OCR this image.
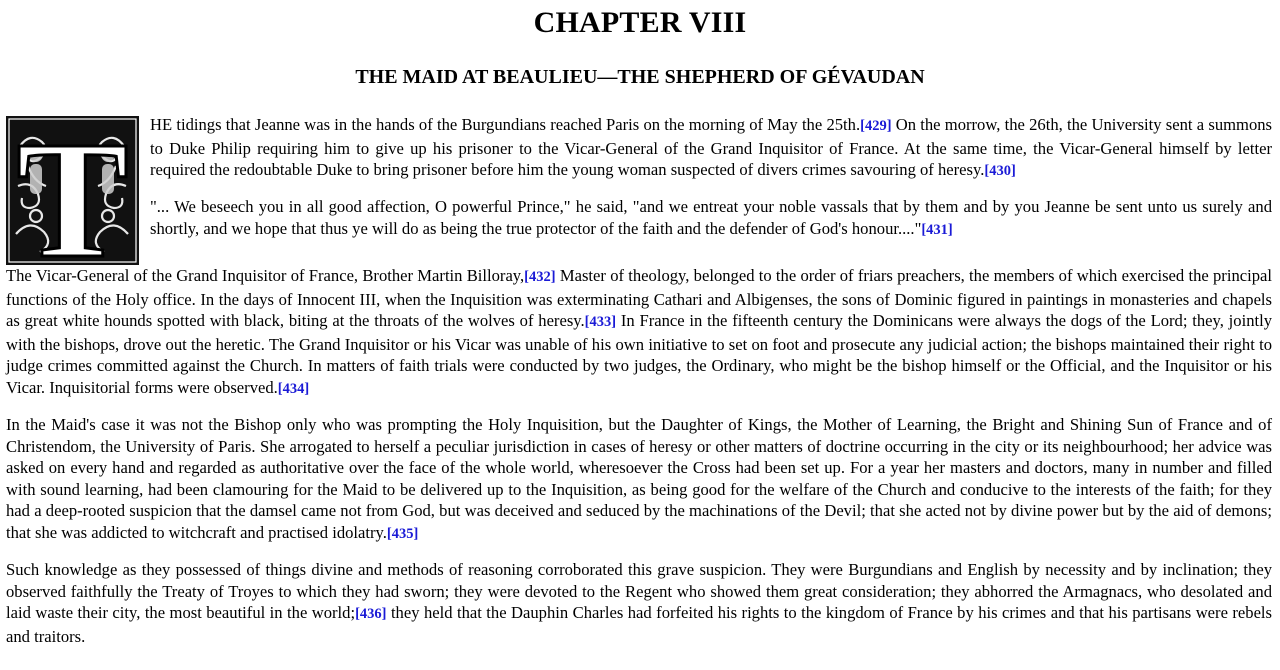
CHAPTER VIII
THE MAID AT BEAULIEU—THE SHEPHERD OF GÉVAUDAN
T	HE tidings that Jeanne was in the hands of the Burgundians reached Paris on the morning of May the 25th.[429] On the morrow, the 26th, the University sent a summons to Duke Philip requiring him to give up his prisoner to the Vicar-General of the Grand Inquisitor of France. At the same time, the Vicar-General himself by letter required the redoubtable Duke to bring prisoner before him the young woman suspected of divers crimes savouring of heresy.[430]

"... We beseech you in all good affection, O powerful Prince," he said, "and we entreat your noble vassals that by them and by you Jeanne be sent unto us surely and shortly, and we hope that thus ye will do as being the true protector of the faith and the defender of God's honour...."[431]

The Vicar-General of the Grand Inquisitor of France, Brother Martin Billoray,[432] Master of theology, belonged to the order of friars preachers, the members of which exercised the principal functions of the Holy office. In the days of Innocent III, when the Inquisition was exterminating Cathari and Albigenses, the sons of Dominic figured in paintings in monasteries and chapels as great white hounds spotted with black, biting at the throats of the wolves of heresy.[433] In France in the fifteenth century the Dominicans were always the dogs of the Lord; they, jointly with the bishops, drove out the heretic. The Grand Inquisitor or his Vicar was unable of his own initiative to set on foot and prosecute any judicial action; the bishops maintained their right to judge crimes committed against the Church. In matters of faith trials were conducted by two judges, the Ordinary, who might be the bishop himself or the Official, and the Inquisitor or his Vicar. Inquisitorial forms were observed.[434]

In the Maid's case it was not the Bishop only who was prompting the Holy Inquisition, but the Daughter of Kings, the Mother of Learning, the Bright and Shining Sun of France and of Christendom, the University of Paris. She arrogated to herself a peculiar jurisdiction in cases of heresy or other matters of doctrine occurring in the city or its neighbourhood; her advice was asked on every hand and regarded as authoritative over the face of the whole world, wheresoever the Cross had been set up. For a year her masters and doctors, many in number and filled with sound learning, had been clamouring for the Maid to be delivered up to the Inquisition, as being good for the welfare of the Church and conducive to the interests of the faith; for they had a deep-rooted suspicion that the damsel came not from God, but was deceived and seduced by the machinations of the Devil; that she acted not by divine power but by the aid of demons; that she was addicted to witchcraft and practised idolatry.[435]

Such knowledge as they possessed of things divine and methods of reasoning corroborated this grave suspicion. They were Burgundians and English by necessity and by inclination; they observed faithfully the Treaty of Troyes to which they had sworn; they were devoted to the Regent who showed them great consideration; they abhorred the Armagnacs, who desolated and laid waste their city, the most beautiful in the world;[436] they held that the Dauphin Charles had forfeited his rights to the kingdom of France by his crimes and that his partisans were rebels and traitors.
